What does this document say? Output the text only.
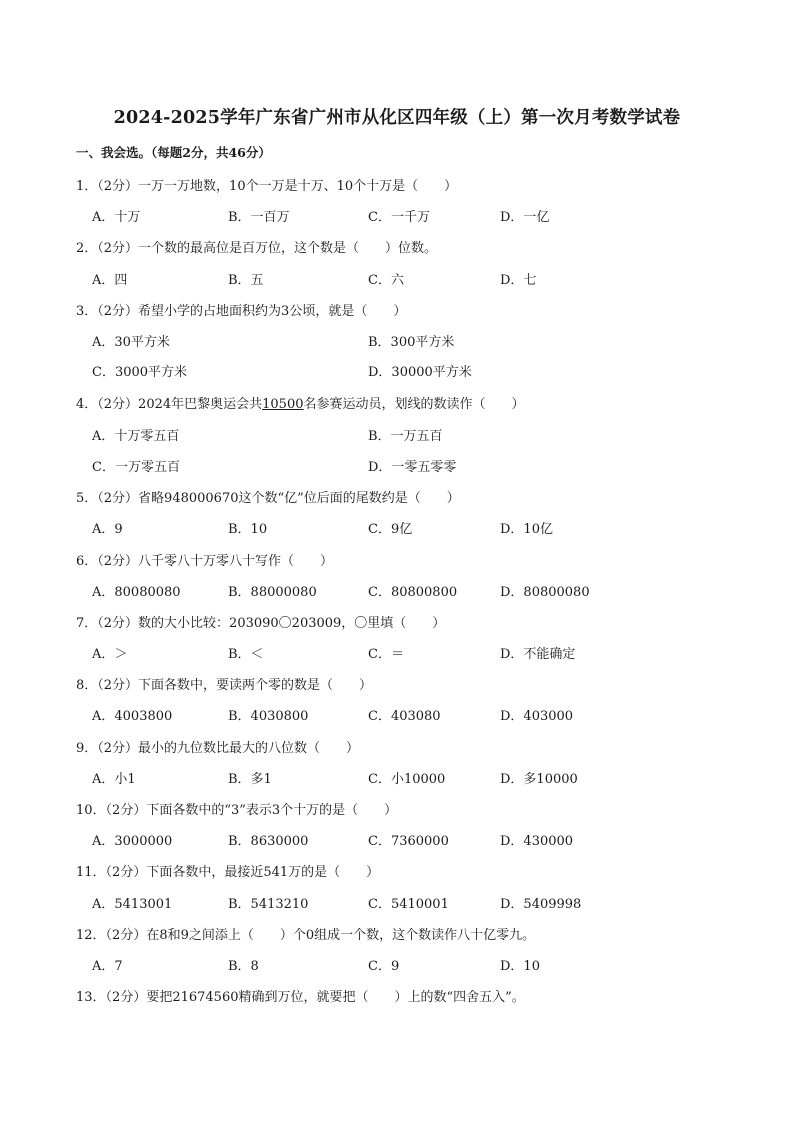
2024-2025学年广东省广州市从化区四年级（上）第一次月考数学试卷
一、我会选。（每题2分，共46分）
1．（2分）一万一万地数，10个一万是十万、10个十万是（　　）
A．十万	B．一百万	C．一千万	D．一亿
2．（2分）一个数的最高位是百万位，这个数是（　　）位数。
A．四	B．五	C．六	D．七
3．（2分）希望小学的占地面积约为3公顷，就是（　　）
A．30平方米	B．300平方米
C．3000平方米	D．30000平方米
4．（2分）2024年巴黎奥运会共10500名参赛运动员，划线的数读作（　　）
A．十万零五百	B．一万五百
C．一万零五百	D．一零五零零
5．（2分）省略948000670这个数“亿”位后面的尾数约是（　　）
A．9	B．10	C．9亿	D．10亿
6．（2分）八千零八十万零八十写作（　　）
A．80080080	B．88000080	C．80800800	D．80800080
7．（2分）数的大小比较：203090〇203009，〇里填（　　）
A．＞	B．＜	C．＝	D．不能确定
8．（2分）下面各数中，要读两个零的数是（　　）
A．4003800	B．4030800	C．403080	D．403000
9．（2分）最小的九位数比最大的八位数（　　）
A．小1	B．多1	C．小10000	D．多10000
10．（2分）下面各数中的“3”表示3个十万的是（　　）
A．3000000	B．8630000	C．7360000	D．430000
11．（2分）下面各数中，最接近541万的是（　　）
A．5413001	B．5413210	C．5410001	D．5409998
12．（2分）在8和9之间添上（　　）个0组成一个数，这个数读作八十亿零九。
A．7	B．8	C．9	D．10
13．（2分）要把21674560精确到万位，就要把（　　）上的数“四舍五入”。
